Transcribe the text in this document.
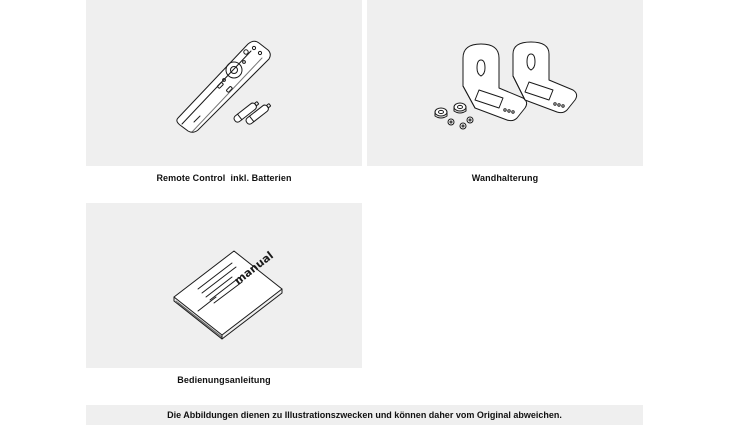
Remote Control  inkl. Batterien	Wandhalterung
manual
Bedienungsanleitung
Die Abbildungen dienen zu Illustrationszwecken und können daher vom Original abweichen.
